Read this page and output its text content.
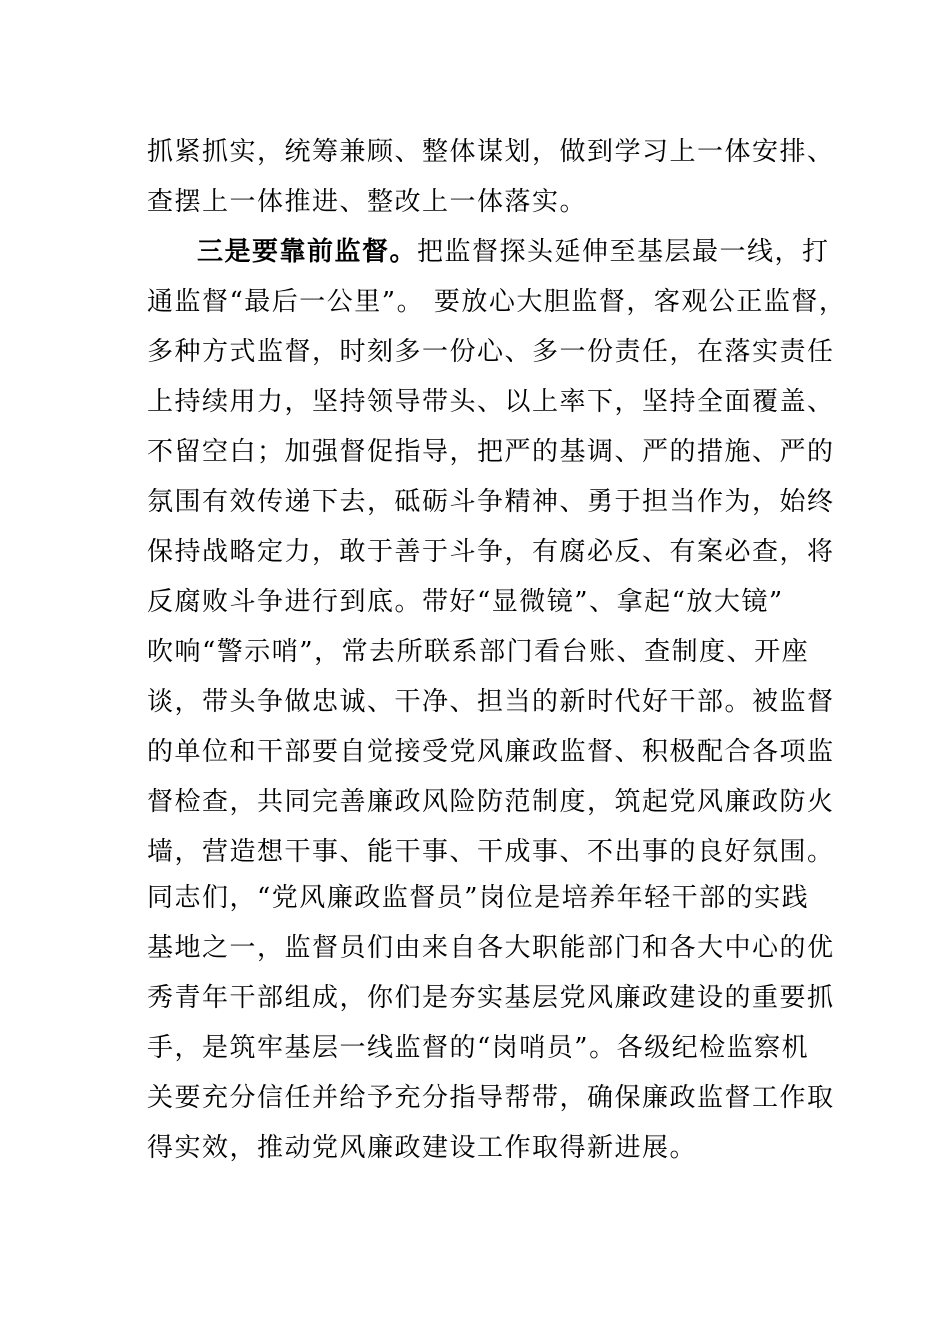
抓紧抓实，统筹兼顾、整体谋划，做到学习上一体安排、
查摆上一体推进、整改上一体落实。
三是要靠前监督。把监督探头延伸至基层最一线，打
通监督“最后一公里”。 要放心大胆监督，客观公正监督，
多种方式监督，时刻多一份心、多一份责任，在落实责任
上持续用力，坚持领导带头、以上率下，坚持全面覆盖、
不留空白；加强督促指导，把严的基调、严的措施、严的
氛围有效传递下去，砥砺斗争精神、勇于担当作为，始终
保持战略定力，敢于善于斗争，有腐必反、有案必查，将
反腐败斗争进行到底。带好“显微镜”、拿起“放大镜”
吹响“警示哨”，常去所联系部门看台账、查制度、开座
谈，带头争做忠诚、干净、担当的新时代好干部。被监督
的单位和干部要自觉接受党风廉政监督、积极配合各项监
督检查，共同完善廉政风险防范制度，筑起党风廉政防火
墙，营造想干事、能干事、干成事、不出事的良好氛围。
同志们，“党风廉政监督员”岗位是培养年轻干部的实践
基地之一，监督员们由来自各大职能部门和各大中心的优
秀青年干部组成，你们是夯实基层党风廉政建设的重要抓
手，是筑牢基层一线监督的“岗哨员”。各级纪检监察机
关要充分信任并给予充分指导帮带，确保廉政监督工作取
得实效，推动党风廉政建设工作取得新进展。
